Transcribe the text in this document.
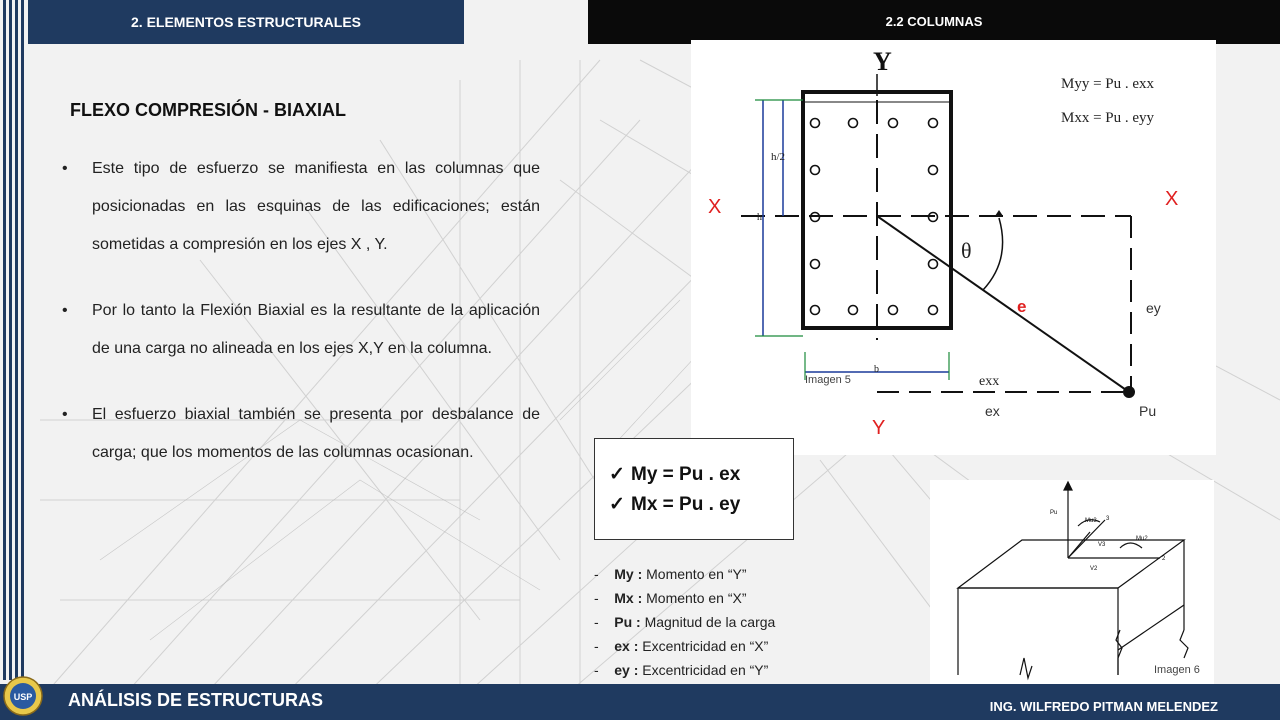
2. ELEMENTOS ESTRUCTURALES	2.2 COLUMNAS
FLEXO COMPRESIÓN - BIAXIAL
• Este tipo de esfuerzo se manifiesta en las columnas que posicionadas en las esquinas de las edificaciones; están sometidas a compresión en los ejes X , Y.
• Por lo tanto la Flexión Biaxial es la resultante de la aplicación de una carga no alineada en los ejes X,Y en la columna.
• El esfuerzo biaxial también se presenta por desbalance de carga; que los momentos de las columnas ocasionan.
Y
Myy = Pu . exx
Mxx = Pu . eyy
θ
h/2
h
b
exx
Imagen 5
X	X
Y
e	ey
ex	Pu
✓ My = Pu . ex
✓ Mx = Pu . ey
-    My : Momento en “Y”
-    Mx : Momento en “X”
-    Pu : Magnitud de la carga
-    ex : Excentricidad en “X”
-    ey : Excentricidad en “Y”
Pu
Mu3 3
V3
V2
Mu2
2
Imagen 6
USP ANÁLISIS DE ESTRUCTURAS	ING. WILFREDO PITMAN MELENDEZ
